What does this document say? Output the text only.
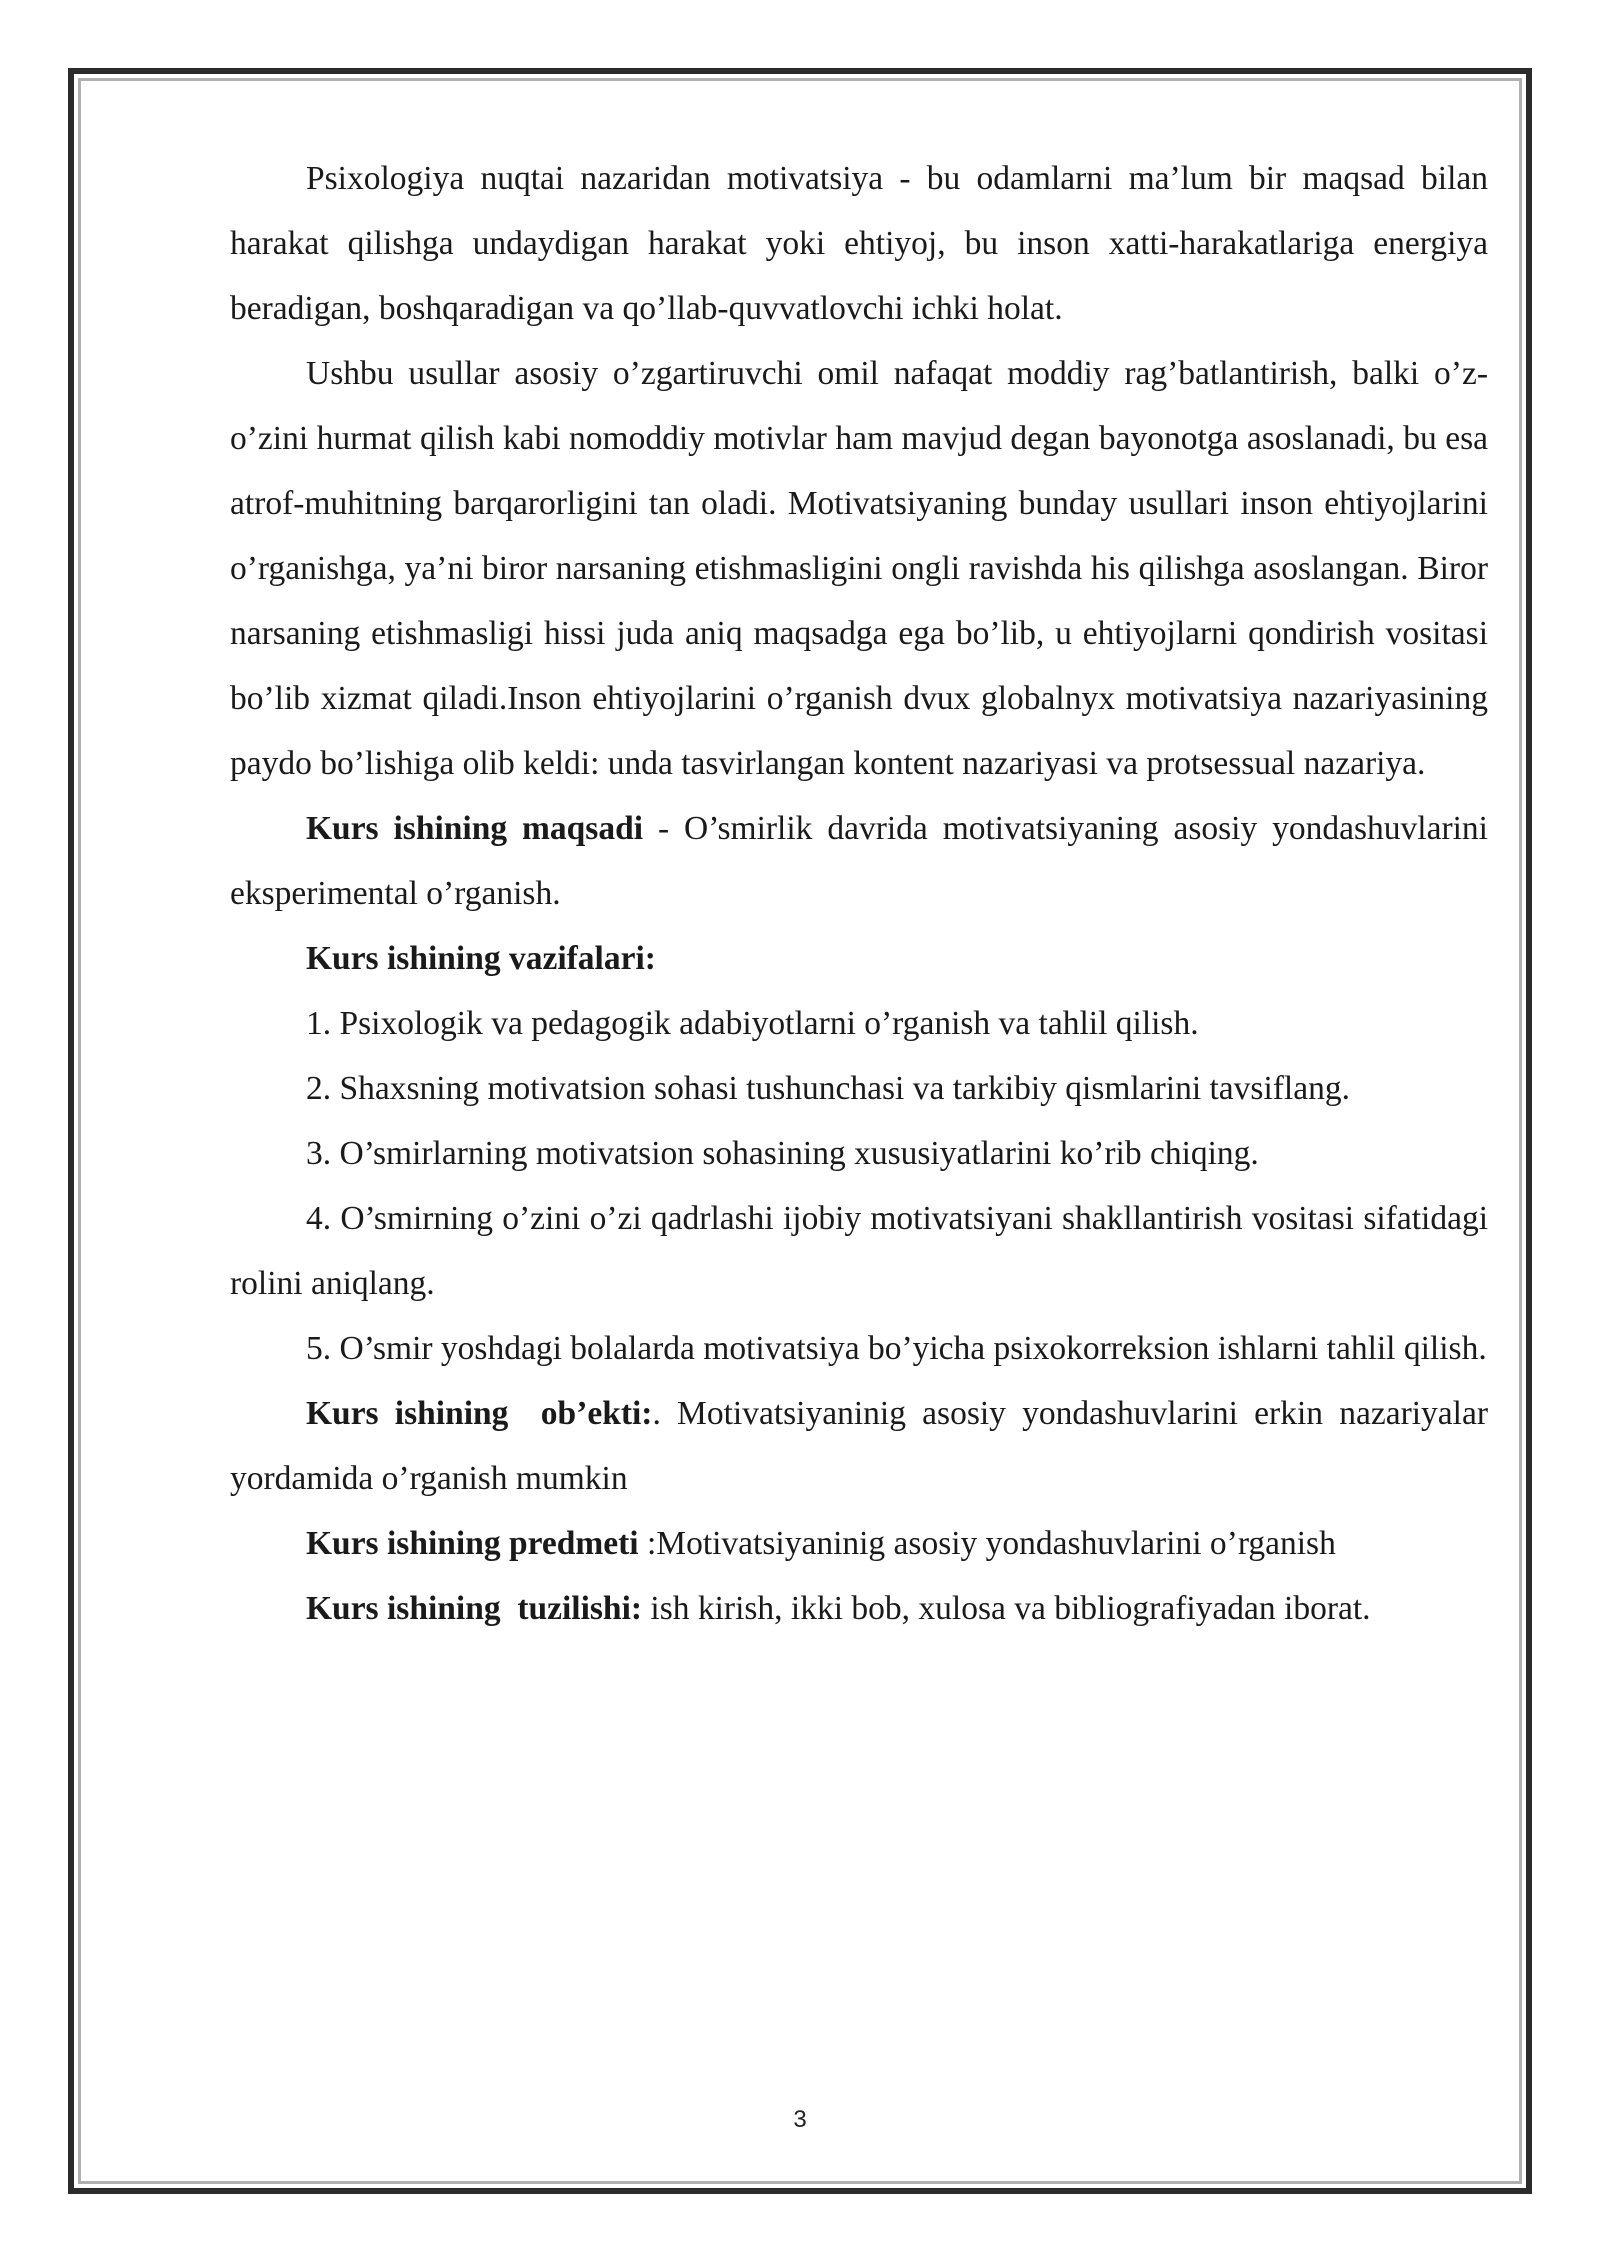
Psixologiya nuqtai nazaridan motivatsiya - bu odamlarni ma’lum bir maqsad bilan harakat qilishga undaydigan harakat yoki ehtiyoj, bu inson xatti-harakatlariga energiya beradigan, boshqaradigan va qo’llab-quvvatlovchi ichki holat.

Ushbu usullar asosiy o’zgartiruvchi omil nafaqat moddiy rag’batlantirish, balki o’z-o’zini hurmat qilish kabi nomoddiy motivlar ham mavjud degan bayonotga asoslanadi, bu esa atrof-muhitning barqarorligini tan oladi. Motivatsiyaning bunday usullari inson ehtiyojlarini o’rganishga, ya’ni biror narsaning etishmasligini ongli ravishda his qilishga asoslangan. Biror narsaning etishmasligi hissi juda aniq maqsadga ega bo’lib, u ehtiyojlarni qondirish vositasi bo’lib xizmat qiladi.Inson ehtiyojlarini o’rganish dvux globalnyx motivatsiya nazariyasining paydo bo’lishiga olib keldi: unda tasvirlangan kontent nazariyasi va protsessual nazariya.

Kurs ishining maqsadi - O’smirlik davrida motivatsiyaning asosiy yondashuvlarini eksperimental o’rganish.

Kurs ishining vazifalari:

1. Psixologik va pedagogik adabiyotlarni o’rganish va tahlil qilish.

2. Shaxsning motivatsion sohasi tushunchasi va tarkibiy qismlarini tavsiflang.

3. O’smirlarning motivatsion sohasining xususiyatlarini ko’rib chiqing.

4. O’smirning o’zini o’zi qadrlashi ijobiy motivatsiyani shakllantirish vositasi sifatidagi rolini aniqlang.

5. O’smir yoshdagi bolalarda motivatsiya bo’yicha psixokorreksion ishlarni tahlil qilish.

Kurs ishining  ob’ekti:. Motivatsiyaninig asosiy yondashuvlarini erkin nazariyalar yordamida o’rganish mumkin

Kurs ishining predmeti :Motivatsiyaninig asosiy yondashuvlarini o’rganish

Kurs ishining  tuzilishi: ish kirish, ikki bob, xulosa va bibliografiyadan iborat.

3
